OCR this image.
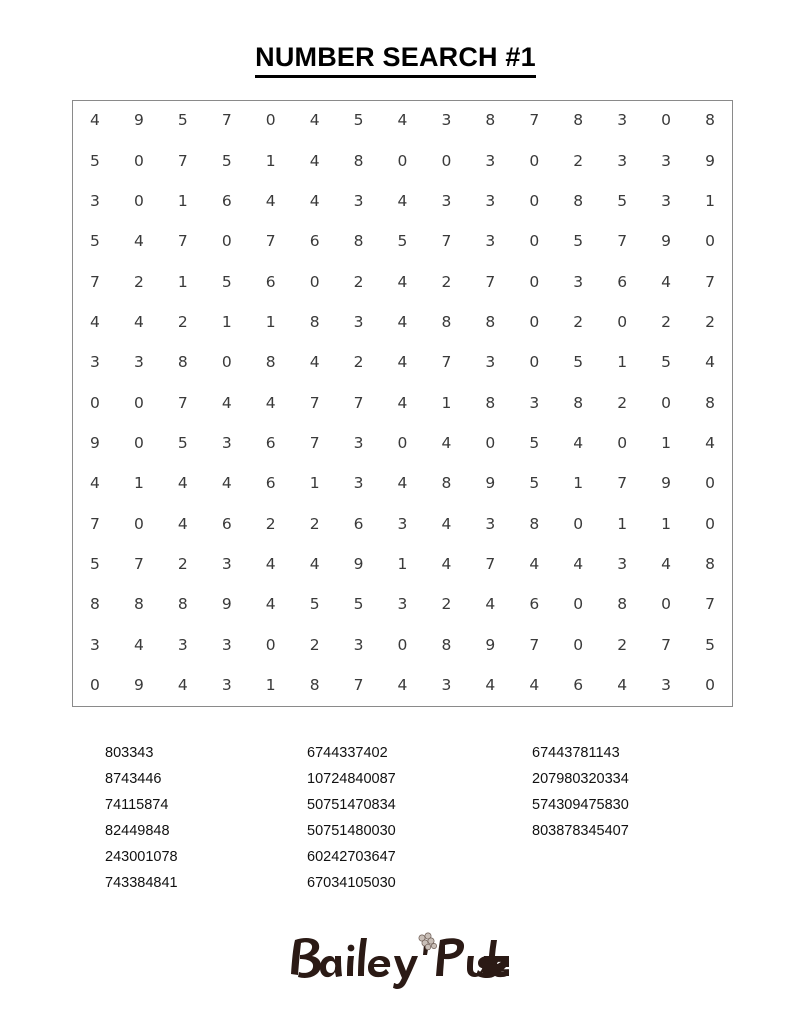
NUMBER SEARCH #1
4	9	5	7	0	4	5	4	3	8	7	8	3	0	8
5	0	7	5	1	4	8	0	0	3	0	2	3	3	9
3	0	1	6	4	4	3	4	3	3	0	8	5	3	1
5	4	7	0	7	6	8	5	7	3	0	5	7	9	0
7	2	1	5	6	0	2	4	2	7	0	3	6	4	7
4	4	2	1	1	8	3	4	8	8	0	2	0	2	2
3	3	8	0	8	4	2	4	7	3	0	5	1	5	4
0	0	7	4	4	7	7	4	1	8	3	8	2	0	8
9	0	5	3	6	7	3	0	4	0	5	4	0	1	4
4	1	4	4	6	1	3	4	8	9	5	1	7	9	0
7	0	4	6	2	2	6	3	4	3	8	0	1	1	0
5	7	2	3	4	4	9	1	4	7	4	4	3	4	8
8	8	8	9	4	5	5	3	2	4	6	0	8	0	7
3	4	3	3	0	2	3	0	8	9	7	0	2	7	5
0	9	4	3	1	8	7	4	3	4	4	6	4	3	0
803343
8743446
74115874
82449848
243001078
743384841
6744337402
10724840087
50751470834
50751480030
60242703647
67034105030
67443781143
207980320334
574309475830
803878345407
